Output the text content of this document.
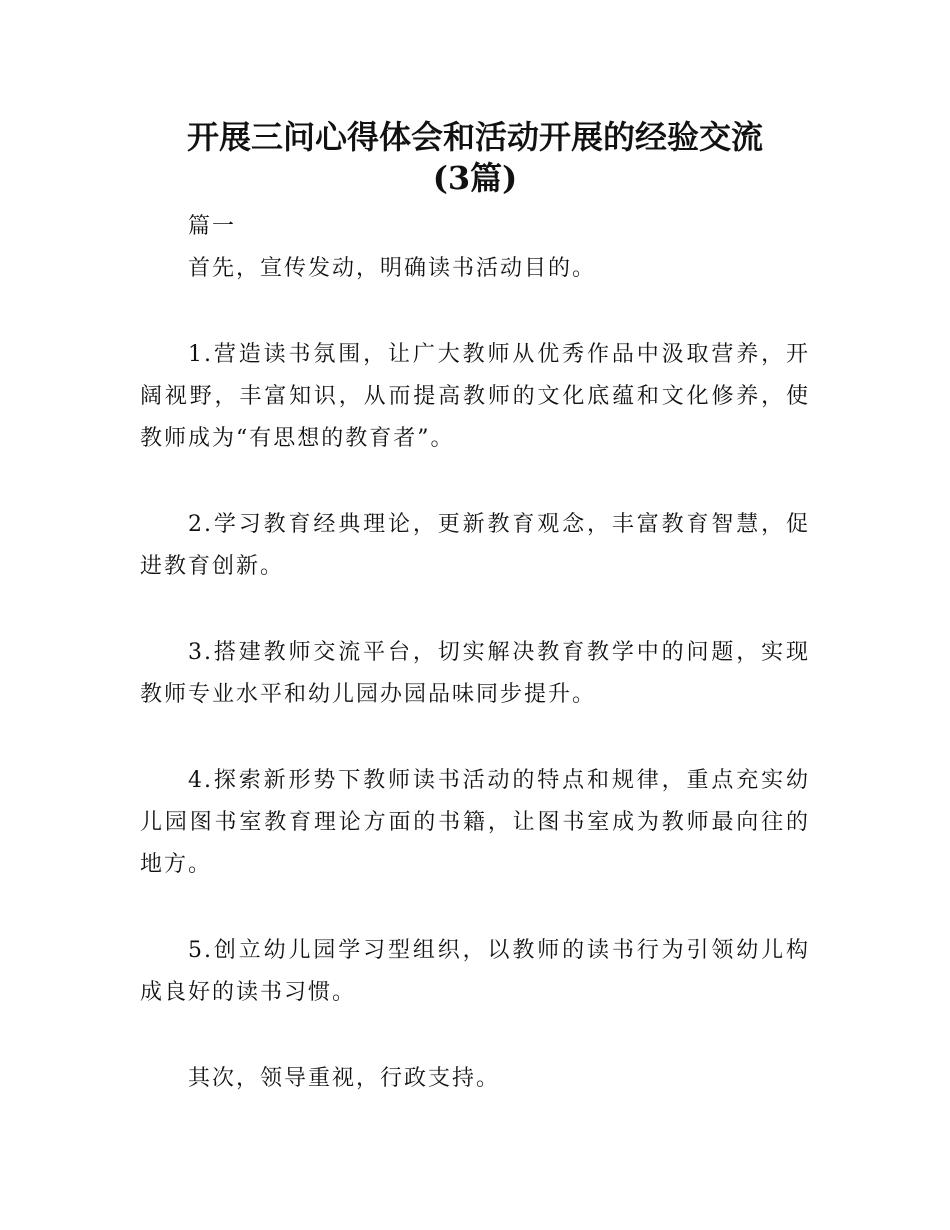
开展三问心得体会和活动开展的经验交流
(3篇)

篇一

首先，宣传发动，明确读书活动目的。

1.营造读书氛围，让广大教师从优秀作品中汲取营养，开阔视野，丰富知识，从而提高教师的文化底蕴和文化修养，使教师成为“有思想的教育者”。

2.学习教育经典理论，更新教育观念，丰富教育智慧，促进教育创新。

3.搭建教师交流平台，切实解决教育教学中的问题，实现教师专业水平和幼儿园办园品味同步提升。

4.探索新形势下教师读书活动的特点和规律，重点充实幼儿园图书室教育理论方面的书籍，让图书室成为教师最向往的地方。

5.创立幼儿园学习型组织，以教师的读书行为引领幼儿构成良好的读书习惯。

其次，领导重视，行政支持。
